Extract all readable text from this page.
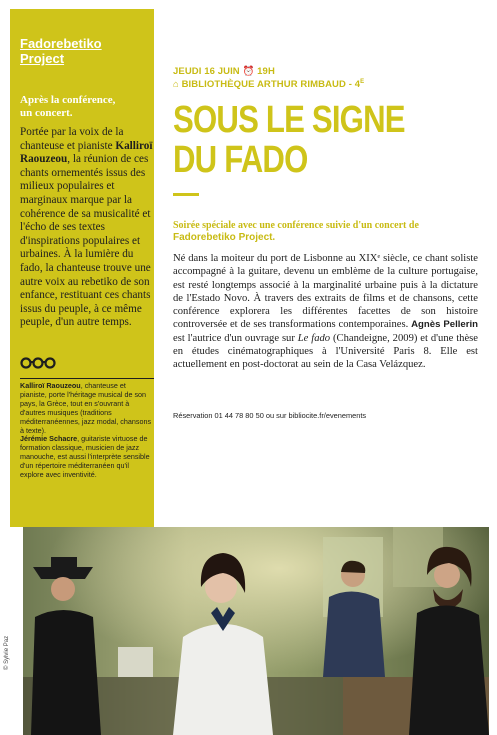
Fadorebetiko
Project
Après la conférence,
un concert.
Portée par la voix de la chanteuse et pianiste Kalliroï Raouzeou, la réunion de ces chants ornementés issus des milieux populaires et marginaux marque par la cohérence de sa musicalité et l'écho de ses textes d'inspirations populaires et urbaines. À la lumière du fado, la chanteuse trouve une autre voix au rebetiko de son enfance, restituant ces chants issus du peuple, à ce même peuple, d'un autre temps.
Kalliroï Raouzeou, chanteuse et pianiste, porte l'héritage musical de son pays, la Grèce, tout en s'ouvrant à d'autres musiques (traditions méditerranéennes, jazz modal, chansons à texte).
Jérémie Schacre, guitariste virtuose de formation classique, musicien de jazz manouche, est aussi l'interprète sensible d'un répertoire méditerranéen qu'il explore avec inventivité.
JEUDI 16 JUIN ⏰ 19H
⌂ BIBLIOTHÈQUE ARTHUR RIMBAUD - $4^E$
SOUS LE SIGNE
DU FADO
Soirée spéciale avec une conférence suivie d'un concert de Fadorebetiko Project.
Né dans la moiteur du port de Lisbonne au XIXᵉ siècle, ce chant soliste accompagné à la guitare, devenu un emblème de la culture portugaise, est resté longtemps associé à la marginalité urbaine puis à la dictature de l'Estado Novo. À travers des extraits de films et de chansons, cette conférence explorera les différentes facettes de son histoire controversée et de ses transformations contemporaines. Agnès Pellerin est l'autrice d'un ouvrage sur Le fado (Chandeigne, 2009) et d'une thèse en études cinématographiques à l'Université Paris 8. Elle est actuellement en post-doctorat au sein de la Casa Velázquez.
Réservation 01 44 78 80 50 ou sur bibliocite.fr/evenements
© Sylvie Paz
